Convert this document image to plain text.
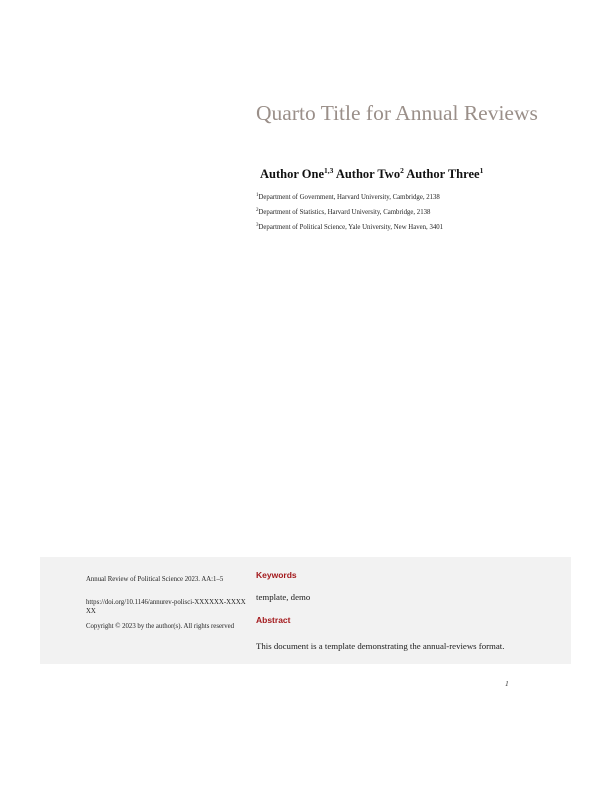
Quarto Title for Annual Reviews

Author One$^{1,3}$ Author Two$^2$ Author Three$^1$

$^1$Department of Government, Harvard University, Cambridge, 2138

$^2$Department of Statistics, Harvard University, Cambridge, 2138

$^3$Department of Political Science, Yale University, New Haven, 3401

Annual Review of Political Science 2023. AA:1–5
https://doi.org/10.1146/annurev-polisci-XXXXXX-XXXXXX
Copyright © 2023 by the author(s). All rights reserved
Keywords

template, demo

Abstract

This document is a template demonstrating the annual-reviews format.

1
